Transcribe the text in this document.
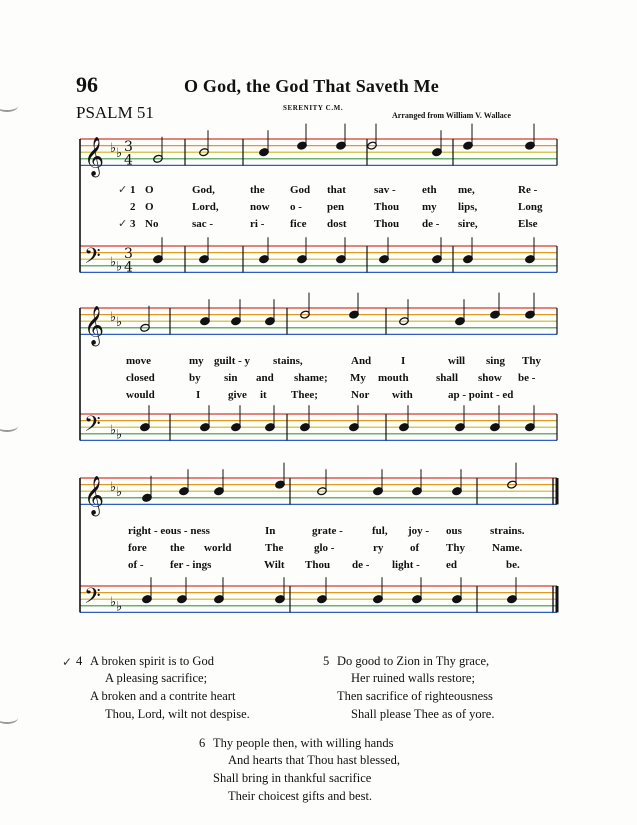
96	O God, the God That Saveth Me
PSALM 51	SERENITY C.M.
Arranged from William V. Wallace
𝄞
𝄢
♭ ♭
♭ ♭
3
4
3
4
𝄞
𝄢
♭ ♭
♭ ♭
𝄞
𝄢
♭ ♭
♭ ♭
✓
✓
1
2
3
O	God,	the God that	sav - eth me,	Re -
O	Lord,	now o - pen	Thou my lips,	Long
No	sac -	ri - fice dost Thou de - sire,	Else
move	my guilt - y stains,	And	I	will sing Thy
closed	by sin and shame; My mouth shall show be -
would	I	give it Thee;	Nor with	ap - point - ed
right - eous - ness	In	grate -	ful, joy - ous	strains.
fore the world	The	glo -	ry of Thy Name.
of - fer - ings	Wilt Thou de - light - ed	be.
✓ 4 A broken spirit is to God
A pleasing sacrifice;
A broken and a contrite heart
Thou, Lord, wilt not despise.
5 Do good to Zion in Thy grace,
Her ruined walls restore;
Then sacrifice of righteousness
Shall please Thee as of yore.
6 Thy people then, with willing hands
And hearts that Thou hast blessed,
Shall bring in thankful sacrifice
Their choicest gifts and best.
